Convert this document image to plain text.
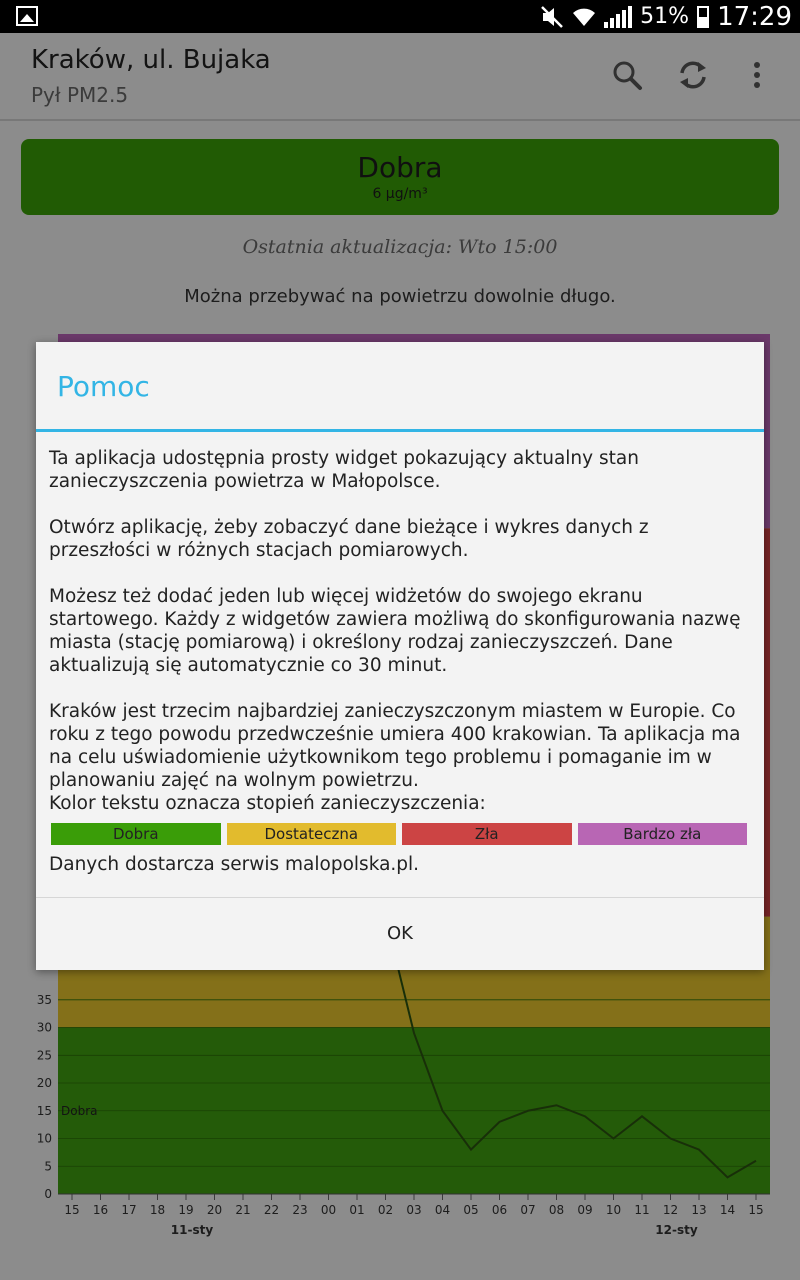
51% 17:29
Kraków, ul. Bujaka
Pył PM2.5
Dobra
6 µg/m³
Ostatnia aktualizacja: Wto 15:00
Można przebywać na powietrzu dowolnie długo.
0
5
10
15
20
25
30
35
Dobra
15 16 17 18 19 20 21 22 23 00 01 02 03 04 05 06 07 08 09 10 11 12 13 14 15
11-sty	12-sty
Pomoc

Ta aplikacja udostępnia prosty widget pokazujący aktualny stan zanieczyszczenia powietrza w Małopolsce.

Otwórz aplikację, żeby zobaczyć dane bieżące i wykres danych z przeszłości w różnych stacjach pomiarowych.

Możesz też dodać jeden lub więcej widżetów do swojego ekranu startowego. Każdy z widgetów zawiera możliwą do skonfigurowania nazwę miasta (stację pomiarową) i określony rodzaj zanieczyszczeń. Dane aktualizują się automatycznie co 30 minut.

Kraków jest trzecim najbardziej zanieczyszczonym miastem w Europie. Co roku z tego powodu przedwcześnie umiera 400 krakowian. Ta aplikacja ma na celu uświadomienie użytkownikom tego problemu i pomaganie im w planowaniu zajęć na wolnym powietrzu.

Kolor tekstu oznacza stopień zanieczyszczenia:

Dobra	Dostateczna	Zła	Bardzo zła

Danych dostarcza serwis malopolska.pl.

OK
